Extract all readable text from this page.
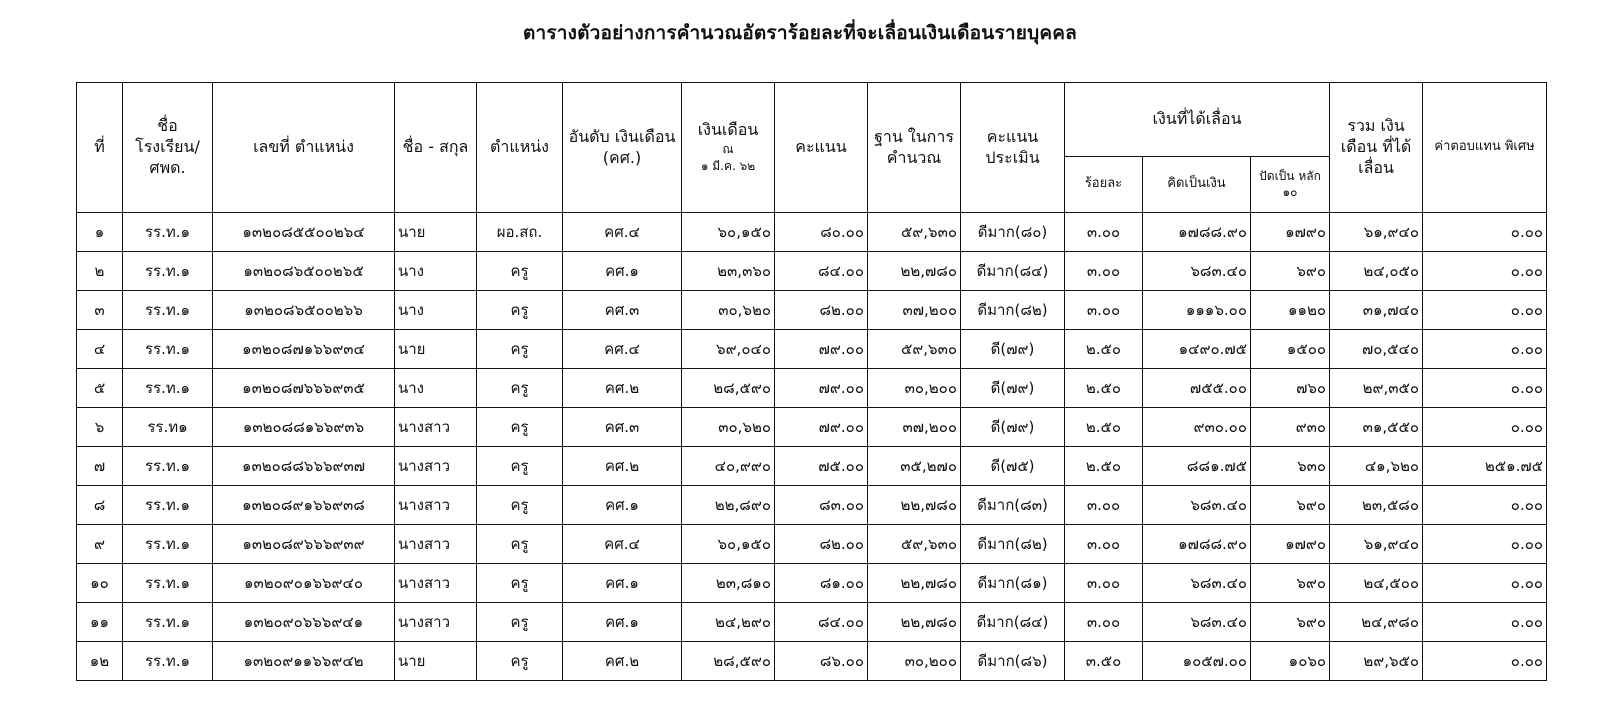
ตารางตัวอย่างการคำนวณอัตราร้อยละที่จะเลื่อนเงินเดือนรายบุคคล
ที่	ชื่อ โรงเรียน/ ศพด.	เลขที่ ตำแหน่ง	ชื่อ - สกุล	ตำแหน่ง	อันดับ เงินเดือน (คศ.)	เงินเดือน
ณ
๑ มี.ค. ๖๒	คะแนน	ฐาน ในการ คำนวณ	คะแนน ประเมิน	เงินที่ได้เลื่อน			รวม เงินเดือน ที่ได้เลื่อน	ค่าตอบแทน พิเศษ
										ร้อยละ	คิดเป็นเงิน	ปัดเป็น หลัก ๑๐		
๑	รร.ท.๑	๑๓๒๐๘๕๕๐๐๒๖๔	นาย	ผอ.สถ.	คศ.๔	๖๐,๑๕๐	๘๐.๐๐	๕๙,๖๓๐	ดีมาก(๘๐)	๓.๐๐	๑๗๘๘.๙๐	๑๗๙๐	๖๑,๙๔๐	๐.๐๐
๒	รร.ท.๑	๑๓๒๐๘๖๕๐๐๒๖๕	นาง	ครู	คศ.๑	๒๓,๓๖๐	๘๔.๐๐	๒๒,๗๘๐	ดีมาก(๘๔)	๓.๐๐	๖๘๓.๔๐	๖๙๐	๒๔,๐๕๐	๐.๐๐
๓	รร.ท.๑	๑๓๒๐๘๖๕๐๐๒๖๖	นาง	ครู	คศ.๓	๓๐,๖๒๐	๘๒.๐๐	๓๗,๒๐๐	ดีมาก(๘๒)	๓.๐๐	๑๑๑๖.๐๐	๑๑๒๐	๓๑,๗๔๐	๐.๐๐
๔	รร.ท.๑	๑๓๒๐๘๗๑๖๖๙๓๔	นาย	ครู	คศ.๔	๖๙,๐๔๐	๗๙.๐๐	๕๙,๖๓๐	ดี(๗๙)	๒.๕๐	๑๔๙๐.๗๕	๑๕๐๐	๗๐,๕๔๐	๐.๐๐
๕	รร.ท.๑	๑๓๒๐๘๗๖๖๖๙๓๕	นาง	ครู	คศ.๒	๒๘,๕๙๐	๗๙.๐๐	๓๐,๒๐๐	ดี(๗๙)	๒.๕๐	๗๕๕.๐๐	๗๖๐	๒๙,๓๕๐	๐.๐๐
๖	รร.ท๑	๑๓๒๐๘๘๑๖๖๙๓๖	นางสาว	ครู	คศ.๓	๓๐,๖๒๐	๗๙.๐๐	๓๗,๒๐๐	ดี(๗๙)	๒.๕๐	๙๓๐.๐๐	๙๓๐	๓๑,๕๕๐	๐.๐๐
๗	รร.ท.๑	๑๓๒๐๘๘๖๖๖๙๓๗	นางสาว	ครู	คศ.๒	๔๐,๙๙๐	๗๕.๐๐	๓๕,๒๗๐	ดี(๗๕)	๒.๕๐	๘๘๑.๗๕	๖๓๐	๔๑,๖๒๐	๒๕๑.๗๕
๘	รร.ท.๑	๑๓๒๐๘๙๑๖๖๙๓๘	นางสาว	ครู	คศ.๑	๒๒,๘๙๐	๘๓.๐๐	๒๒,๗๘๐	ดีมาก(๘๓)	๓.๐๐	๖๘๓.๔๐	๖๙๐	๒๓,๕๘๐	๐.๐๐
๙	รร.ท.๑	๑๓๒๐๘๙๖๖๖๙๓๙	นางสาว	ครู	คศ.๔	๖๐,๑๕๐	๘๒.๐๐	๕๙,๖๓๐	ดีมาก(๘๒)	๓.๐๐	๑๗๘๘.๙๐	๑๗๙๐	๖๑,๙๔๐	๐.๐๐
๑๐	รร.ท.๑	๑๓๒๐๙๐๑๖๖๙๔๐	นางสาว	ครู	คศ.๑	๒๓,๘๑๐	๘๑.๐๐	๒๒,๗๘๐	ดีมาก(๘๑)	๓.๐๐	๖๘๓.๔๐	๖๙๐	๒๔,๕๐๐	๐.๐๐
๑๑	รร.ท.๑	๑๓๒๐๙๐๖๖๖๙๔๑	นางสาว	ครู	คศ.๑	๒๔,๒๙๐	๘๔.๐๐	๒๒,๗๘๐	ดีมาก(๘๔)	๓.๐๐	๖๘๓.๔๐	๖๙๐	๒๔,๙๘๐	๐.๐๐
๑๒	รร.ท.๑	๑๓๒๐๙๑๑๖๖๙๔๒	นาย	ครู	คศ.๒	๒๘,๕๙๐	๘๖.๐๐	๓๐,๒๐๐	ดีมาก(๘๖)	๓.๕๐	๑๐๕๗.๐๐	๑๐๖๐	๒๙,๖๕๐	๐.๐๐
